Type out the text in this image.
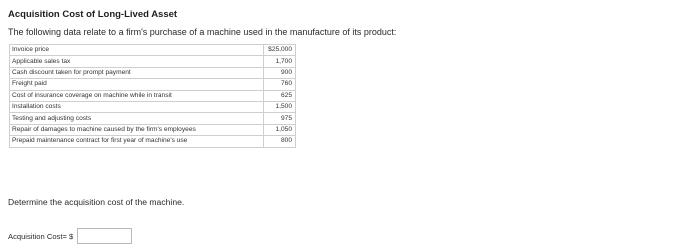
Acquisition Cost of Long-Lived Asset
The following data relate to a firm's purchase of a machine used in the manufacture of its product:
Invoice price	$25,000
Applicable sales tax	1,700
Cash discount taken for prompt payment	900
Freight paid	760
Cost of insurance coverage on machine while in transit	625
Installation costs	1,500
Testing and adjusting costs	975
Repair of damages to machine caused by the firm's employees	1,050
Prepaid maintenance contract for first year of machine's use	800
Determine the acquisition cost of the machine.
Acquisition Cost = $
